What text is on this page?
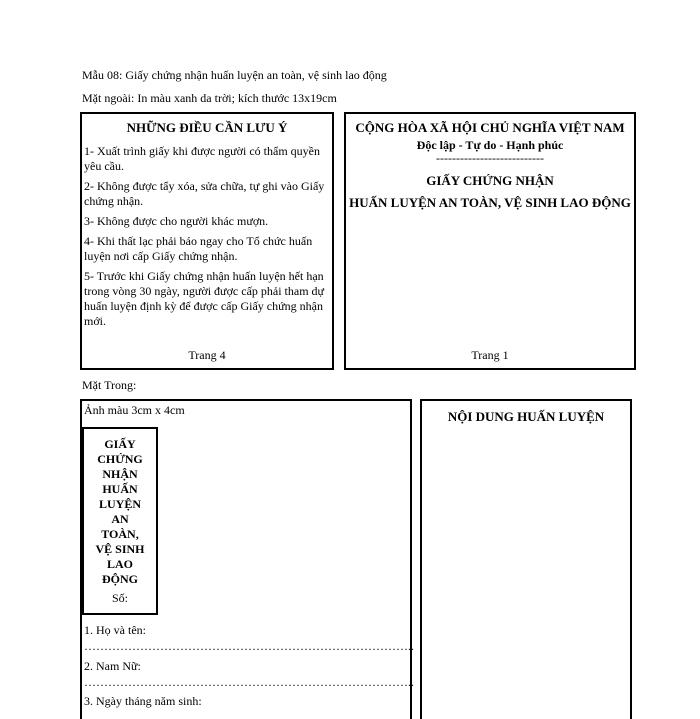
Mẫu 08: Giấy chứng nhận huấn luyện an toàn, vệ sinh lao động
Mặt ngoài: In màu xanh da trời; kích thước 13x19cm
NHỮNG ĐIỀU CẦN LƯU Ý

1- Xuất trình giấy khi được người có thẩm quyền yêu cầu.

2- Không được tẩy xóa, sửa chữa, tự ghi vào Giấy chứng nhận.

3- Không được cho người khác mượn.

4- Khi thất lạc phải báo ngay cho Tổ chức huấn luyện nơi cấp Giấy chứng nhận.

5- Trước khi Giấy chứng nhận huấn luyện hết hạn trong vòng 30 ngày, người được cấp phải tham dự huấn luyện định kỳ để được cấp Giấy chứng nhận mới.

Trang 4
CỘNG HÒA XÃ HỘI CHỦ NGHĨA VIỆT NAM
Độc lập - Tự do - Hạnh phúc
---------------------------
GIẤY CHỨNG NHẬN
HUẤN LUYỆN AN TOÀN, VỆ SINH LAO ĐỘNG
Trang 1
Mặt Trong:
Ảnh màu 3cm x 4cm
GIẤY
CHỨNG
NHẬN
HUẤN
LUYỆN
AN
TOÀN,
VỆ SINH
LAO
ĐỘNG
Số:
1. Họ và tên:
………………………………………………………………………..
2. Nam Nữ:
………………………………………………………………………..
3. Ngày tháng năm sinh:
NỘI DUNG HUẤN LUYỆN
